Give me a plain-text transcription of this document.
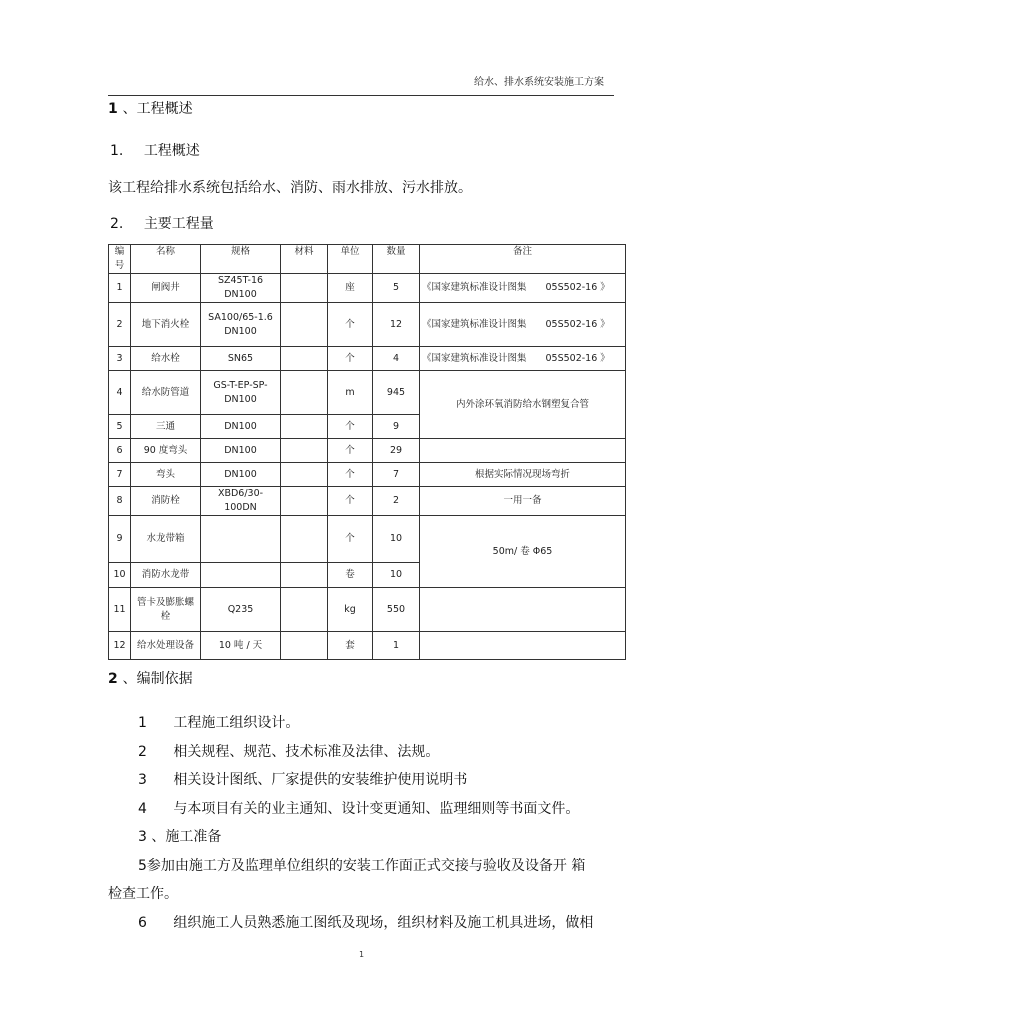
给水、排水系统安装施工方案
1 、工程概述
1. 工程概述
该工程给排水系统包括给水、消防、雨水排放、污水排放。
2. 主要工程量
编号	名称	规格	材料	单位	数量	备注
1	闸阀井	SZ45T-16 DN100		座	5	《国家建筑标准设计图集　　05S502-16 》
2	地下消火栓	SA100/65-1.6 DN100		个	12	《国家建筑标准设计图集　　05S502-16 》
3	给水栓	SN65		个	4	《国家建筑标准设计图集　　05S502-16 》
4	给水防管道	GS-T-EP-SP-DN100		m	945	内外涂环氧消防给水钢塑复合管
5	三通	DN100		个	9	
6	90 度弯头	DN100		个	29	
7	弯头	DN100		个	7	根据实际情况现场弯折
8	消防栓	XBD6/30-100DN		个	2	一用一备
9	水龙带箱			个	10	50m/ 卷 Φ65
10	消防水龙带			卷	10	
11	管卡及膨胀螺栓	Q235		kg	550	
12	给水处理设备	10 吨 / 天		套	1	
2 、编制依据
1 工程施工组织设计。
2 相关规程、规范、技术标准及法律、法规。
3 相关设计图纸、厂家提供的安装维护使用说明书
4 与本项目有关的业主通知、设计变更通知、监理细则等书面文件。
3 、施工准备
5参加由施工方及监理单位组织的安装工作面正式交接与验收及设备开 箱
检查工作。
6 组织施工人员熟悉施工图纸及现场，组织材料及施工机具进场，做相
1
